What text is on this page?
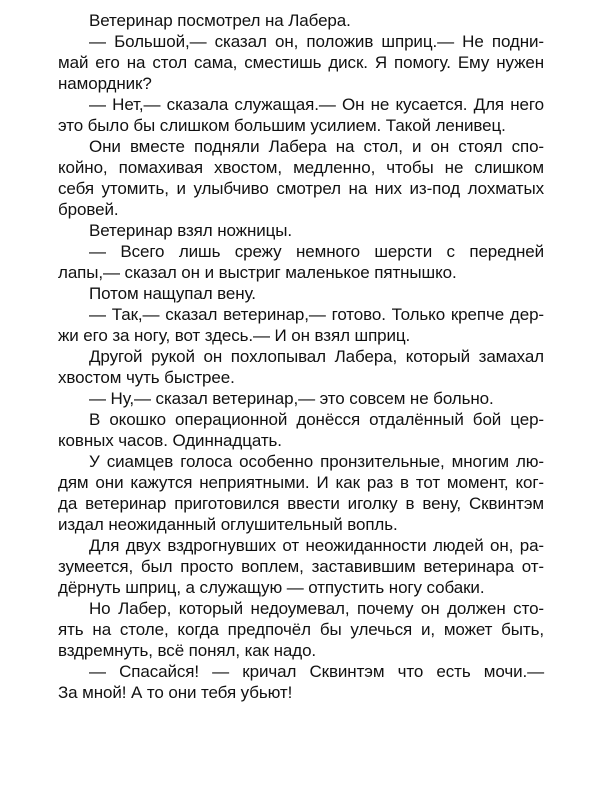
Ветеринар посмотрел на Лабера.
— Большой,— сказал он, положив шприц.— Не подни-
май его на стол сама, сместишь диск. Я помогу. Ему нужен
намордник?
— Нет,— сказала служащая.— Он не кусается. Для него
это было бы слишком большим усилием. Такой ленивец.
Они вместе подняли Лабера на стол, и он стоял спо-
койно, помахивая хвостом, медленно, чтобы не слишком
себя утомить, и улыбчиво смотрел на них из-под лохматых
бровей.
Ветеринар взял ножницы.
— Всего лишь срежу немного шерсти с передней
лапы,— сказал он и выстриг маленькое пятнышко.
Потом нащупал вену.
— Так,— сказал ветеринар,— готово. Только крепче дер-
жи его за ногу, вот здесь.— И он взял шприц.
Другой рукой он похлопывал Лабера, который замахал
хвостом чуть быстрее.
— Ну,— сказал ветеринар,— это совсем не больно.
В окошко операционной донёсся отдалённый бой цер-
ковных часов. Одиннадцать.
У сиамцев голоса особенно пронзительные, многим лю-
дям они кажутся неприятными. И как раз в тот момент, ког-
да ветеринар приготовился ввести иголку в вену, Сквинтэм
издал неожиданный оглушительный вопль.
Для двух вздрогнувших от неожиданности людей он, ра-
зумеется, был просто воплем, заставившим ветеринара от-
дёрнуть шприц, а служащую — отпустить ногу собаки.
Но Лабер, который недоумевал, почему он должен сто-
ять на столе, когда предпочёл бы улечься и, может быть,
вздремнуть, всё понял, как надо.
— Спасайся! — кричал Сквинтэм что есть мочи.—
За мной! А то они тебя убьют!
